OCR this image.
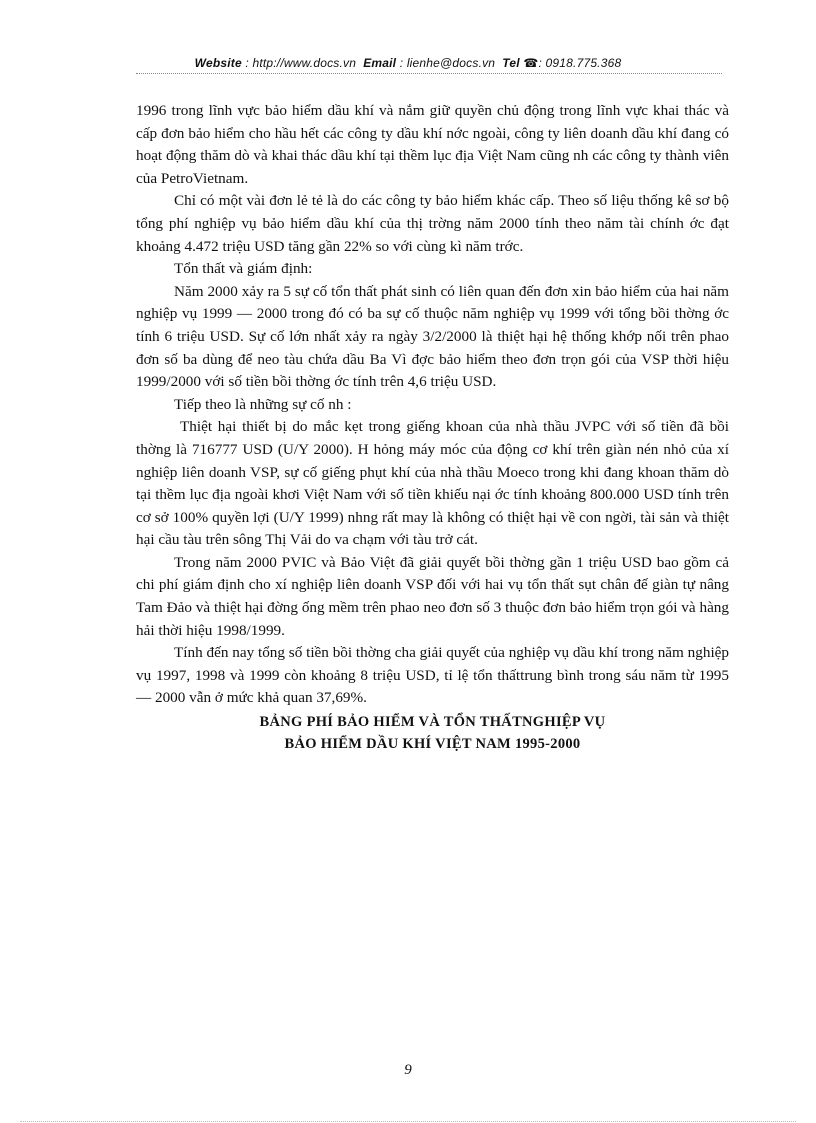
Website : http://www.docs.vn Email : lienhe@docs.vn Tel ☎: 0918.775.368

1996 trong lĩnh vực bảo hiểm dầu khí và nắm giữ quyền chủ động trong lĩnh vực khai thác và cấp đơn bảo hiểm cho hầu hết các công ty dầu khí nớc ngoài, công ty liên doanh dầu khí đang có hoạt động thăm dò và khai thác dầu khí tại thềm lục địa Việt Nam cũng nh các công ty thành viên của PetroVietnam.

Chỉ có một vài đơn lẻ tẻ là do các công ty bảo hiểm khác cấp. Theo số liệu thống kê sơ bộ tổng phí nghiệp vụ bảo hiểm dầu khí của thị trờng năm 2000 tính theo năm tài chính ớc đạt khoảng 4.472 triệu USD tăng gần 22% so với cùng kì năm trớc.

Tổn thất và giám định:

Năm 2000 xảy ra 5 sự cố tổn thất phát sinh có liên quan đến đơn xin bảo hiểm của hai năm nghiệp vụ 1999 — 2000 trong đó có ba sự cố thuộc năm nghiệp vụ 1999 với tổng bồi thờng ớc tính 6 triệu USD. Sự cố lớn nhất xảy ra ngày 3/2/2000 là thiệt hại hệ thống khớp nối trên phao đơn số ba dùng để neo tàu chứa dầu Ba Vì đợc bảo hiểm theo đơn trọn gói của VSP thời hiệu 1999/2000 với số tiền bồi thờng ớc tính trên 4,6 triệu USD.

Tiếp theo là những sự cố nh :

Thiệt hại thiết bị do mắc kẹt trong giếng khoan của nhà thầu JVPC với số tiền đã bồi thờng là 716777 USD (U/Y 2000). H hỏng máy móc của động cơ khí trên giàn nén nhỏ của xí nghiệp liên doanh VSP, sự cố giếng phụt khí của nhà thầu Moeco trong khi đang khoan thăm dò tại thềm lục địa ngoài khơi Việt Nam với số tiền khiếu nại ớc tính khoảng 800.000 USD tính trên cơ sở 100% quyền lợi (U/Y 1999) nhng rất may là không có thiệt hại về con ngời, tài sản và thiệt hại cầu tàu trên sông Thị Vải do va chạm với tàu trở cát.

Trong năm 2000 PVIC và Bảo Việt đã giải quyết bồi thờng gần 1 triệu USD bao gồm cả chi phí giám định cho xí nghiệp liên doanh VSP đối với hai vụ tổn thất sụt chân đế giàn tự nâng Tam Đảo và thiệt hại đờng ống mềm trên phao neo đơn số 3 thuộc đơn bảo hiểm trọn gói và hàng hải thời hiệu 1998/1999.

Tính đến nay tổng số tiền bồi thờng cha giải quyết của nghiệp vụ dầu khí trong năm nghiệp vụ 1997, 1998 và 1999 còn khoảng 8 triệu USD, tỉ lệ tổn thấttrung bình trong sáu năm từ 1995 — 2000 vẫn ở mức khả quan 37,69%.

BẢNG PHÍ BẢO HIỂM VÀ TỔN THẤTNGHIỆP VỤ
BẢO HIỂM DẦU KHÍ VIỆT NAM 1995-2000
9
